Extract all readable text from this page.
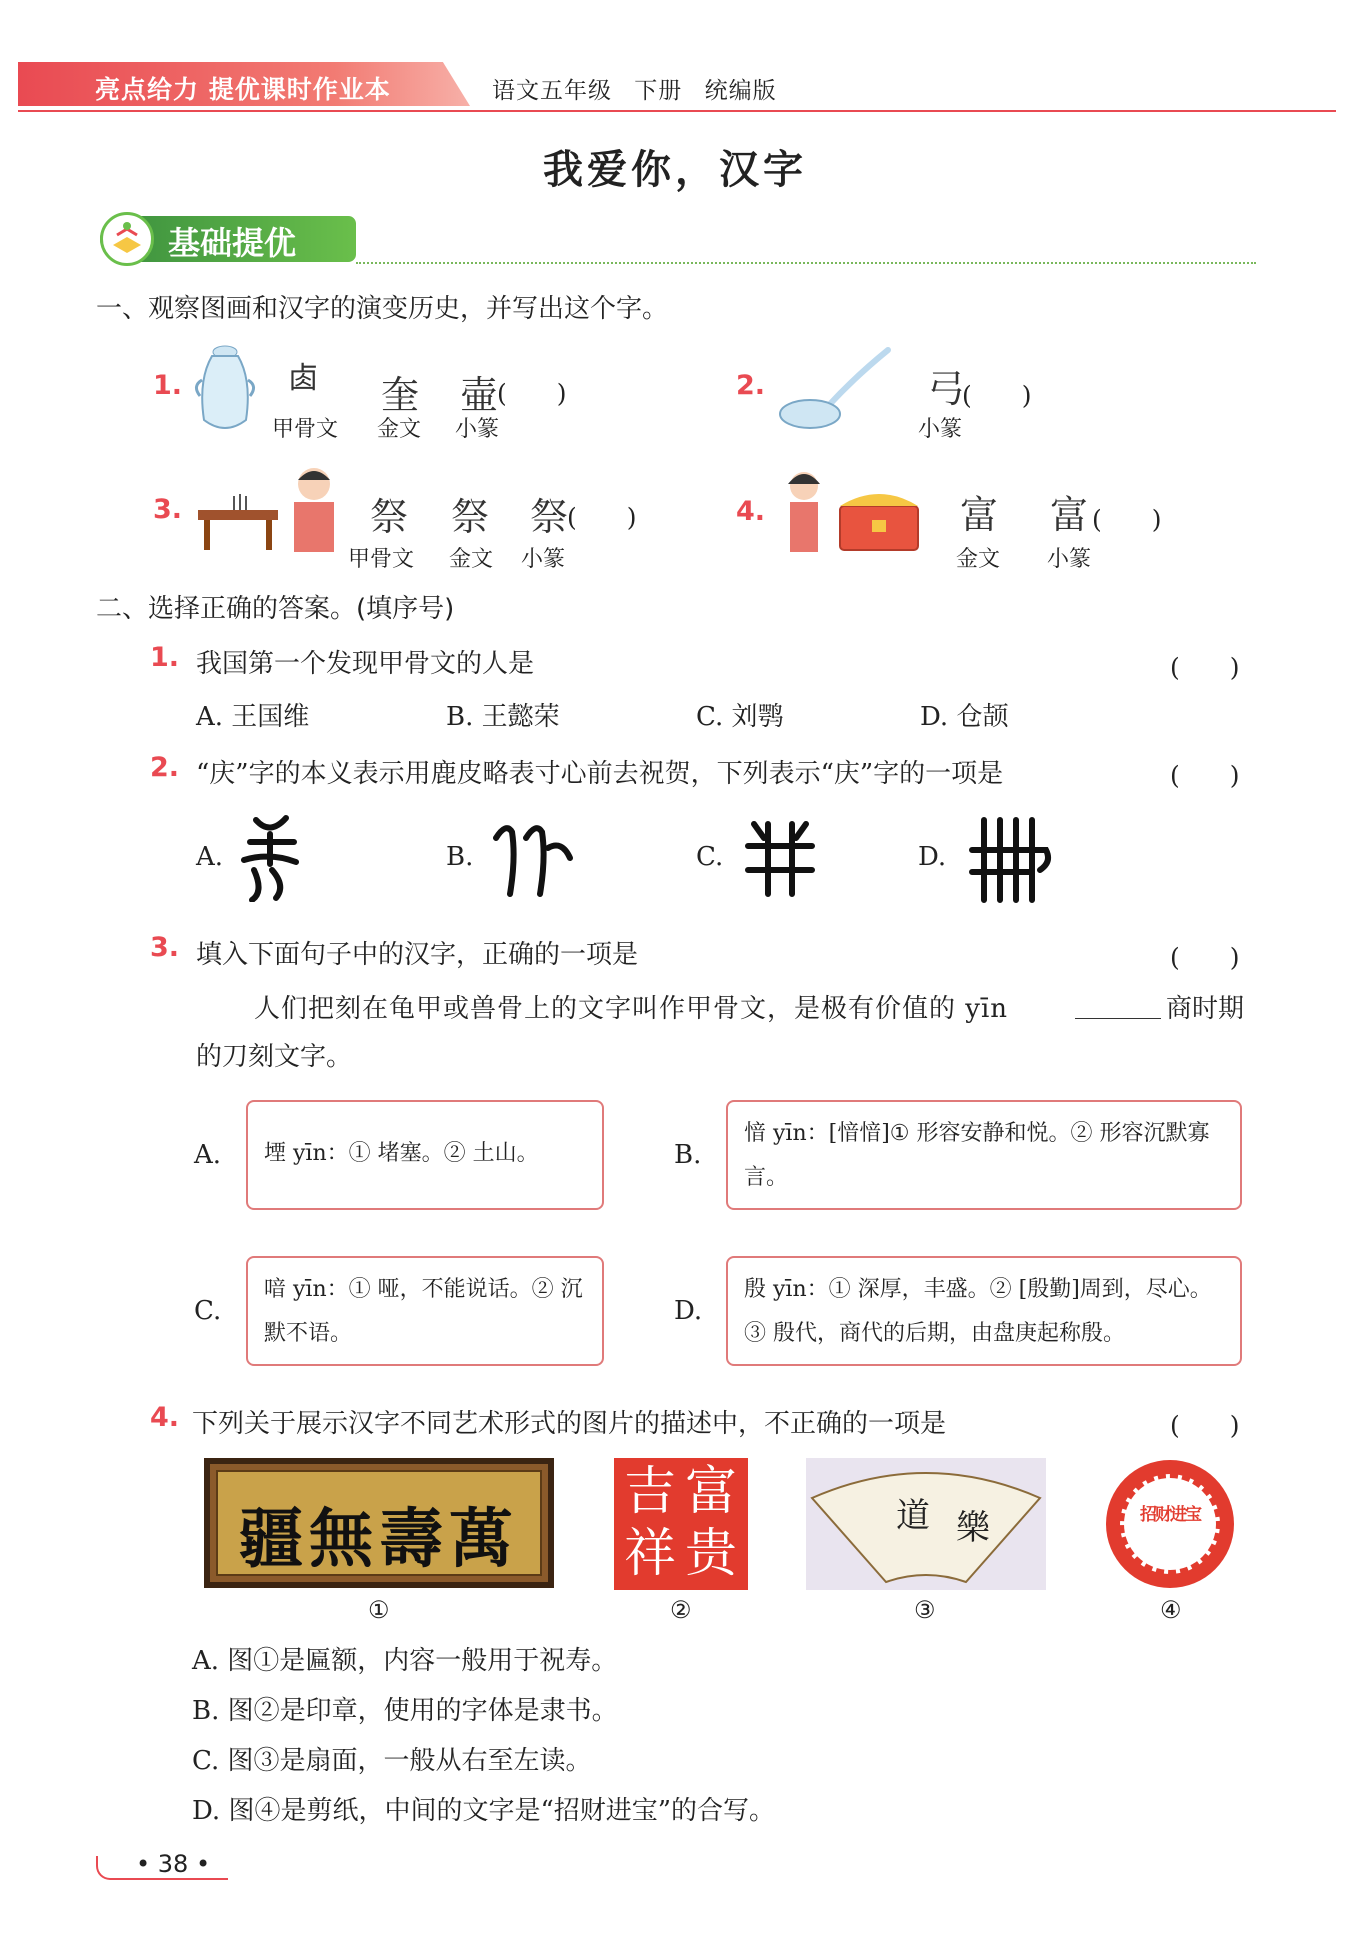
亮点给力 提优课时作业本	语文五年级 下册 统编版
我爱你，汉字
基础提优
一、观察图画和汉字的演变历史，并写出这个字。
1.
甲骨文 金文 小篆
𠧪 奎 壷
(　　)	2.	弓
小篆
(　　)
3.	祭 祭 祭
甲骨文 金文 小篆
(　　)	4.	富 富
金文 小篆
(　　)
二、选择正确的答案。(填序号)
1. 我国第一个发现甲骨文的人是	(　　)
A. 王国维	B. 王懿荣	C. 刘鹗	D. 仓颉
2. “庆”字的本义表示用鹿皮略表寸心前去祝贺，下列表示“庆”字的一项是	(　　)
A.	B.	C.	D.
3. 填入下面句子中的汉字，正确的一项是	(　　)
人们把刻在龟甲或兽骨上的文字叫作甲骨文，是极有价值的 yīn	商时期
的刀刻文字。
A.	堙 yīn：① 堵塞。② 土山。	B.
愔 yīn：[愔愔]① 形容安静和悦。② 形容沉默寡言。
C.
喑 yīn：① 哑，不能说话。② 沉默不语。
D.
殷 yīn：① 深厚，丰盛。② [殷勤]周到，尽心。③ 殷代，商代的后期，由盘庚起称殷。
4. 下列关于展示汉字不同艺术形式的图片的描述中，不正确的一项是	(　　)
疆無壽萬
富
贵
吉
祥
道 樂	招财进宝
①	②	③	④
A. 图①是匾额，内容一般用于祝寿。
B. 图②是印章，使用的字体是隶书。
C. 图③是扇面，一般从右至左读。
D. 图④是剪纸，中间的文字是“招财进宝”的合写。
• 38 •
